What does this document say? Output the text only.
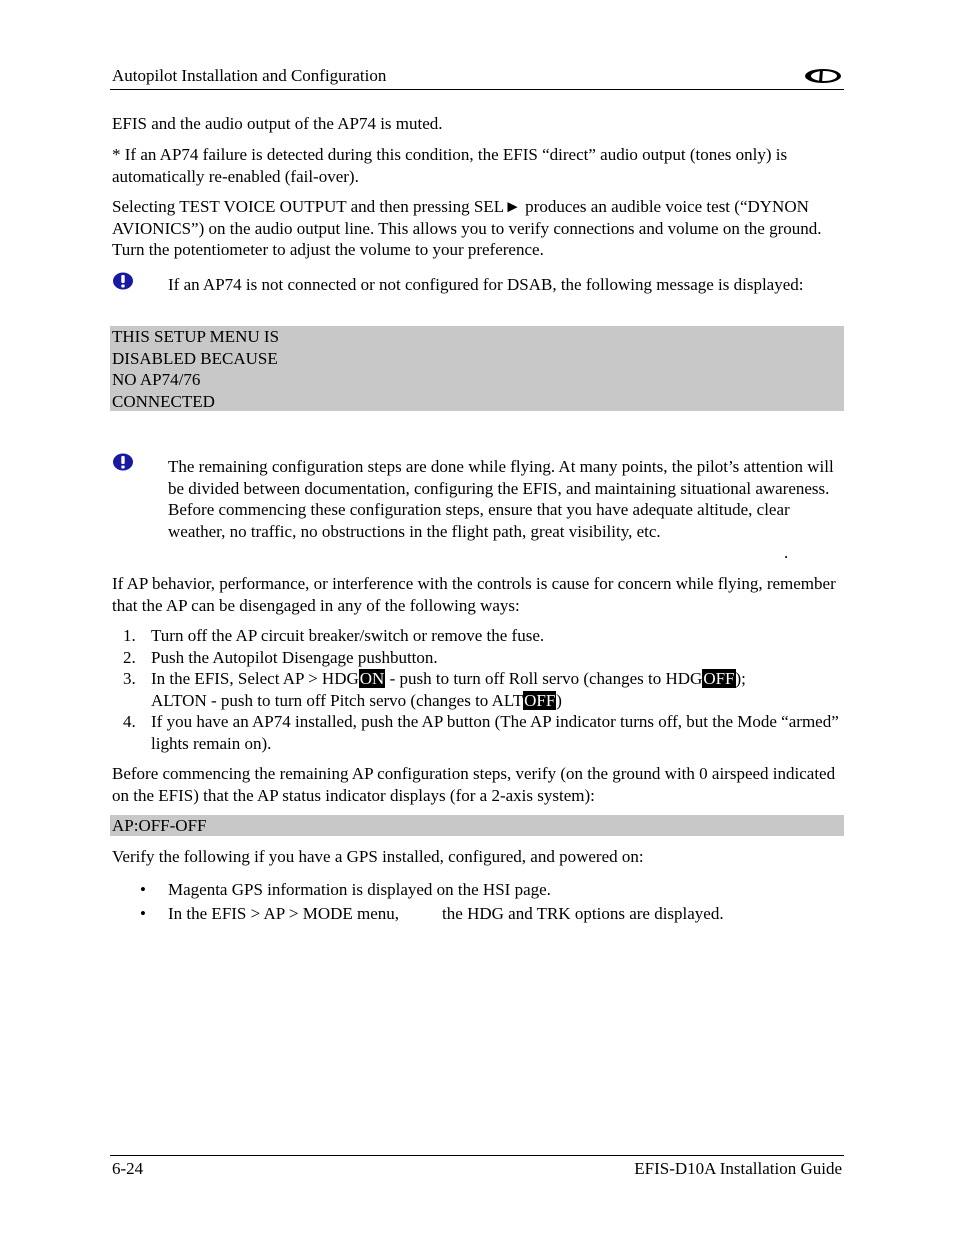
Autopilot Installation and Configuration
EFIS and the audio output of the AP74 is muted.
* If an AP74 failure is detected during this condition, the EFIS “direct” audio output (tones only) is automatically re-enabled (fail-over).
Selecting TEST VOICE OUTPUT and then pressing SEL► produces an audible voice test (“DYNON AVIONICS”) on the audio output line. This allows you to verify connections and volume on the ground. Turn the potentiometer to adjust the volume to your preference.
If an AP74 is not connected or not configured for DSAB, the following message is displayed:
THIS SETUP MENU IS
DISABLED BECAUSE
NO AP74/76
CONNECTED
The remaining configuration steps are done while flying. At many points, the pilot’s attention will be divided between documentation, configuring the EFIS, and maintaining situational awareness. Before commencing these configuration steps, ensure that you have adequate altitude, clear weather, no traffic, no obstructions in the flight path, great visibility, etc.
.
If AP behavior, performance, or interference with the controls is cause for concern while flying, remember that the AP can be disengaged in any of the following ways:
1. Turn off the AP circuit breaker/switch or remove the fuse.
2. Push the Autopilot Disengage pushbutton.
3. In the EFIS, Select AP > HDGON - push to turn off Roll servo (changes to HDGOFF);
ALTON - push to turn off Pitch servo (changes to ALTOFF)
4. If you have an AP74 installed, push the AP button (The AP indicator turns off, but the Mode “armed” lights remain on).
Before commencing the remaining AP configuration steps, verify (on the ground with 0 airspeed indicated on the EFIS) that the AP status indicator displays (for a 2-axis system):
AP:OFF-OFF
Verify the following if you have a GPS installed, configured, and powered on:
• Magenta GPS information is displayed on the HSI page.
• In the EFIS > AP > MODE menu,	the HDG and TRK options are displayed.
6-24	EFIS-D10A Installation Guide
